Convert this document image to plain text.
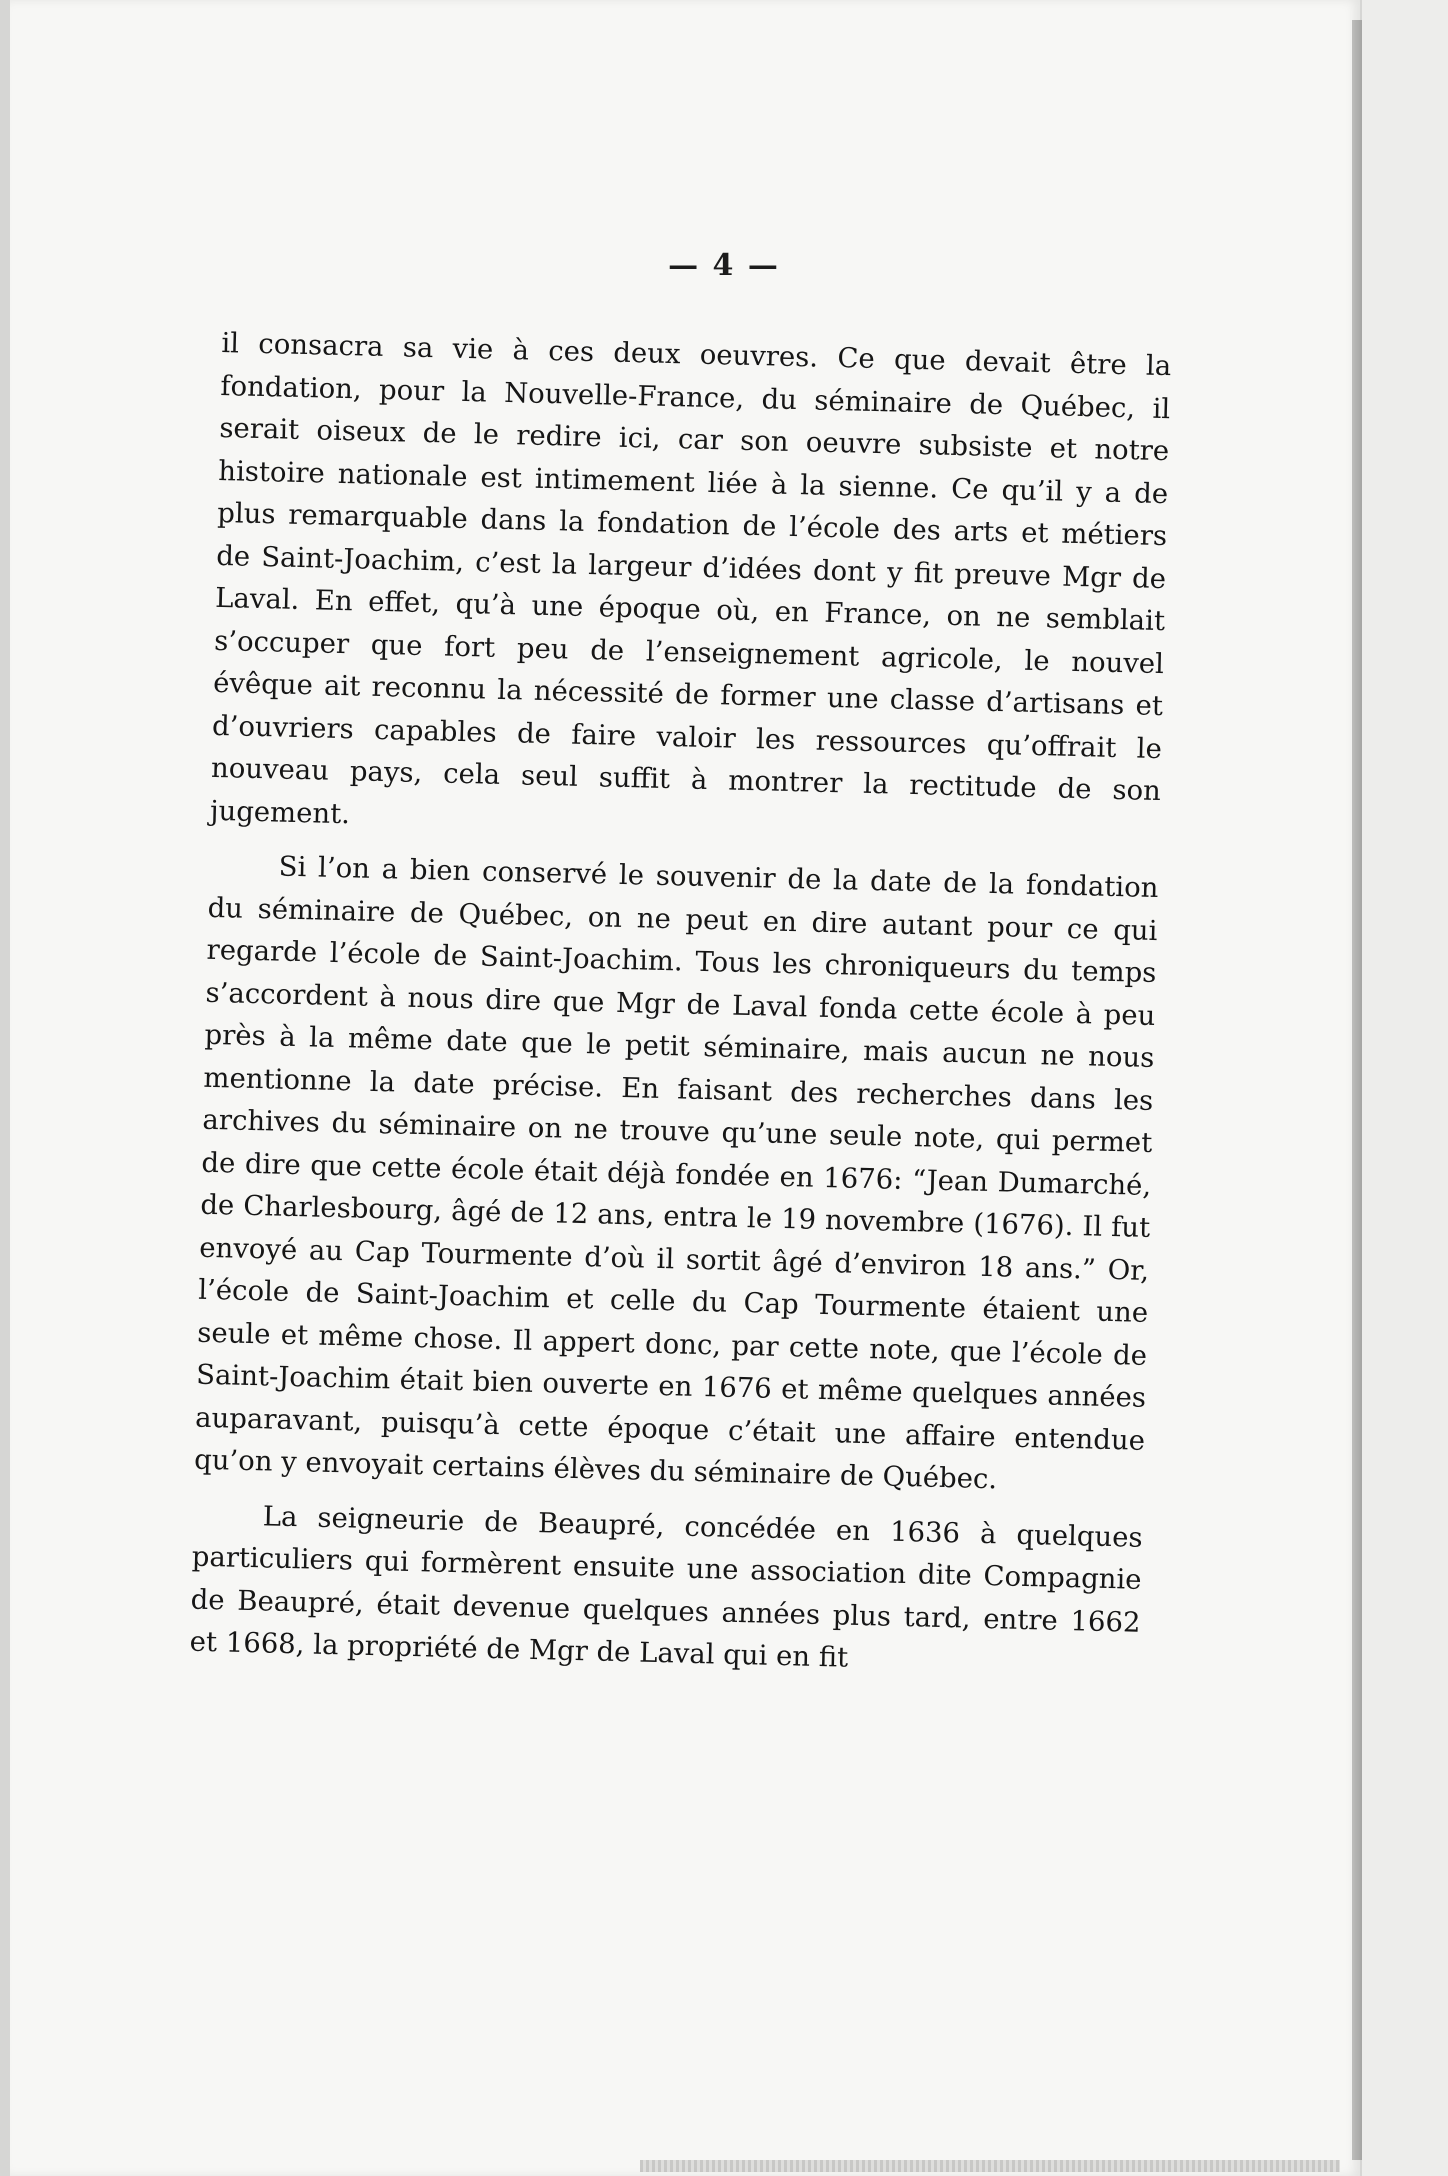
— 4 —

il consacra sa vie à ces deux oeuvres. Ce que devait être la fondation, pour la Nouvelle-France, du séminaire de Québec, il serait oiseux de le redire ici, car son oeuvre subsiste et notre histoire nationale est intimement liée à la sienne. Ce qu’il y a de plus remarquable dans la fondation de l’école des arts et métiers de Saint-Joachim, c’est la largeur d’idées dont y fit preuve Mgr de Laval. En effet, qu’à une époque où, en France, on ne semblait s’occuper que fort peu de l’enseignement agricole, le nouvel évêque ait reconnu la nécessité de former une classe d’artisans et d’ouvriers capables de faire valoir les ressources qu’offrait le nouveau pays, cela seul suffit à montrer la rectitude de son jugement.

Si l’on a bien conservé le souvenir de la date de la fondation du séminaire de Québec, on ne peut en dire autant pour ce qui regarde l’école de Saint-Joachim. Tous les chroniqueurs du temps s’accordent à nous dire que Mgr de Laval fonda cette école à peu près à la même date que le petit séminaire, mais aucun ne nous mentionne la date précise. En faisant des recherches dans les archives du séminaire on ne trouve qu’une seule note, qui permet de dire que cette école était déjà fondée en 1676: “Jean Dumarché, de Charlesbourg, âgé de 12 ans, entra le 19 novembre (1676). Il fut envoyé au Cap Tourmente d’où il sortit âgé d’environ 18 ans.” Or, l’école de Saint-Joachim et celle du Cap Tourmente étaient une seule et même chose. Il appert donc, par cette note, que l’école de Saint-Joachim était bien ouverte en 1676 et même quelques années auparavant, puisqu’à cette époque c’était une affaire entendue qu’on y envoyait certains élèves du séminaire de Québec.

La seigneurie de Beaupré, concédée en 1636 à quelques particuliers qui formèrent ensuite une association dite Compagnie de Beaupré, était devenue quelques années plus tard, entre 1662 et 1668, la propriété de Mgr de Laval qui en fit
